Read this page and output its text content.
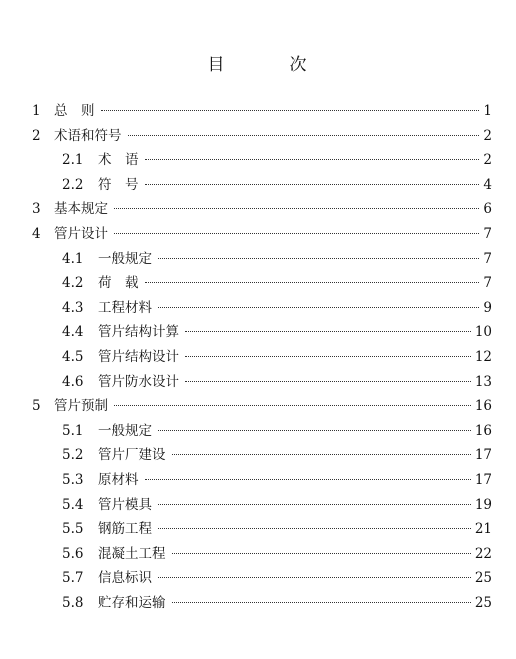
目　次
1 总　则	1
2 术语和符号	2
2.1	术　语	2
2.2	符　号	4
3 基本规定	6
4 管片设计	7
4.1	一般规定	7
4.2	荷　载	7
4.3	工程材料	9
4.4	管片结构计算	10
4.5	管片结构设计	12
4.6	管片防水设计	13
5 管片预制	16
5.1	一般规定	16
5.2	管片厂建设	17
5.3	原材料	17
5.4	管片模具	19
5.5	钢筋工程	21
5.6	混凝土工程	22
5.7	信息标识	25
5.8	贮存和运输	25
